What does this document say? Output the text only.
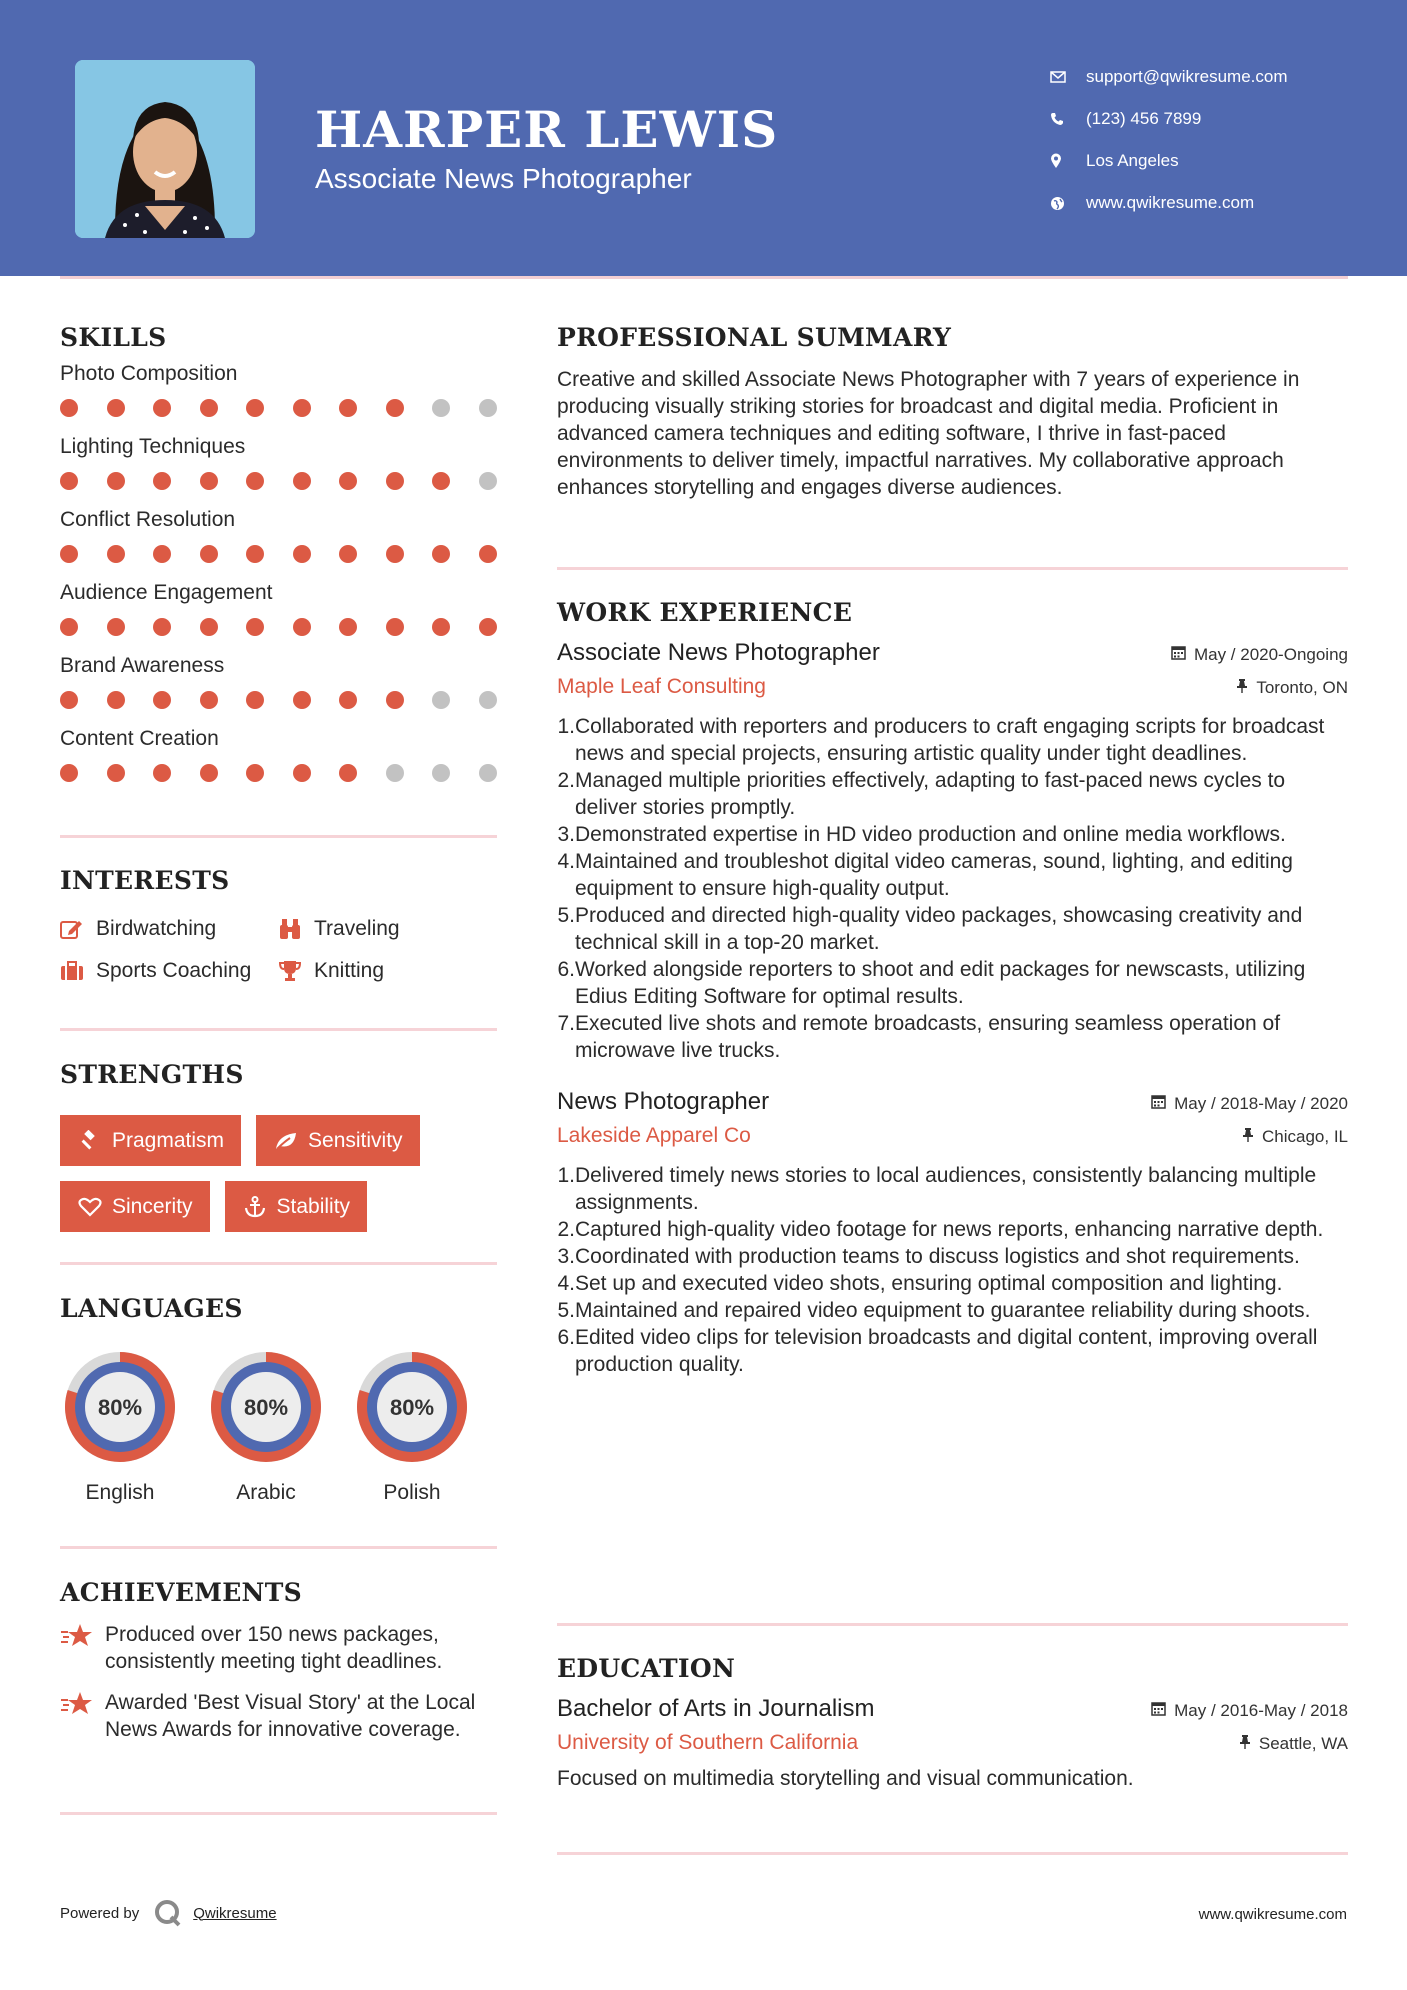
HARPER LEWIS
Associate News Photographer
support@qwikresume.com
(123) 456 7899
Los Angeles
www.qwikresume.com
SKILLS
Photo Composition
Lighting Techniques
Conflict Resolution
Audience Engagement
Brand Awareness
Content Creation
INTERESTS
Birdwatching	Traveling
Sports Coaching	Knitting
STRENGTHS
Pragmatism	Sensitivity
Sincerity	Stability
LANGUAGES
80%
English
80%
Arabic
80%
Polish
ACHIEVEMENTS
Produced over 150 news packages, consistently meeting tight deadlines.
Awarded 'Best Visual Story' at the Local News Awards for innovative coverage.
PROFESSIONAL SUMMARY
Creative and skilled Associate News Photographer with 7 years of experience in producing visually striking stories for broadcast and digital media. Proficient in advanced camera techniques and editing software, I thrive in fast-paced environments to deliver timely, impactful narratives. My collaborative approach enhances storytelling and engages diverse audiences.
WORK EXPERIENCE
Associate News Photographer	May / 2020-Ongoing
Maple Leaf Consulting	Toronto, ON
1. Collaborated with reporters and producers to craft engaging scripts for broadcast news and special projects, ensuring artistic quality under tight deadlines.
2. Managed multiple priorities effectively, adapting to fast-paced news cycles to deliver stories promptly.
3. Demonstrated expertise in HD video production and online media workflows.
4. Maintained and troubleshot digital video cameras, sound, lighting, and editing equipment to ensure high-quality output.
5. Produced and directed high-quality video packages, showcasing creativity and technical skill in a top-20 market.
6. Worked alongside reporters to shoot and edit packages for newscasts, utilizing Edius Editing Software for optimal results.
7. Executed live shots and remote broadcasts, ensuring seamless operation of microwave live trucks.
News Photographer	May / 2018-May / 2020
Lakeside Apparel Co	Chicago, IL
1. Delivered timely news stories to local audiences, consistently balancing multiple assignments.
2. Captured high-quality video footage for news reports, enhancing narrative depth.
3. Coordinated with production teams to discuss logistics and shot requirements.
4. Set up and executed video shots, ensuring optimal composition and lighting.
5. Maintained and repaired video equipment to guarantee reliability during shoots.
6. Edited video clips for television broadcasts and digital content, improving overall production quality.
EDUCATION
Bachelor of Arts in Journalism	May / 2016-May / 2018
University of Southern California	Seattle, WA
Focused on multimedia storytelling and visual communication.
Powered by	Qwikresume	www.qwikresume.com
